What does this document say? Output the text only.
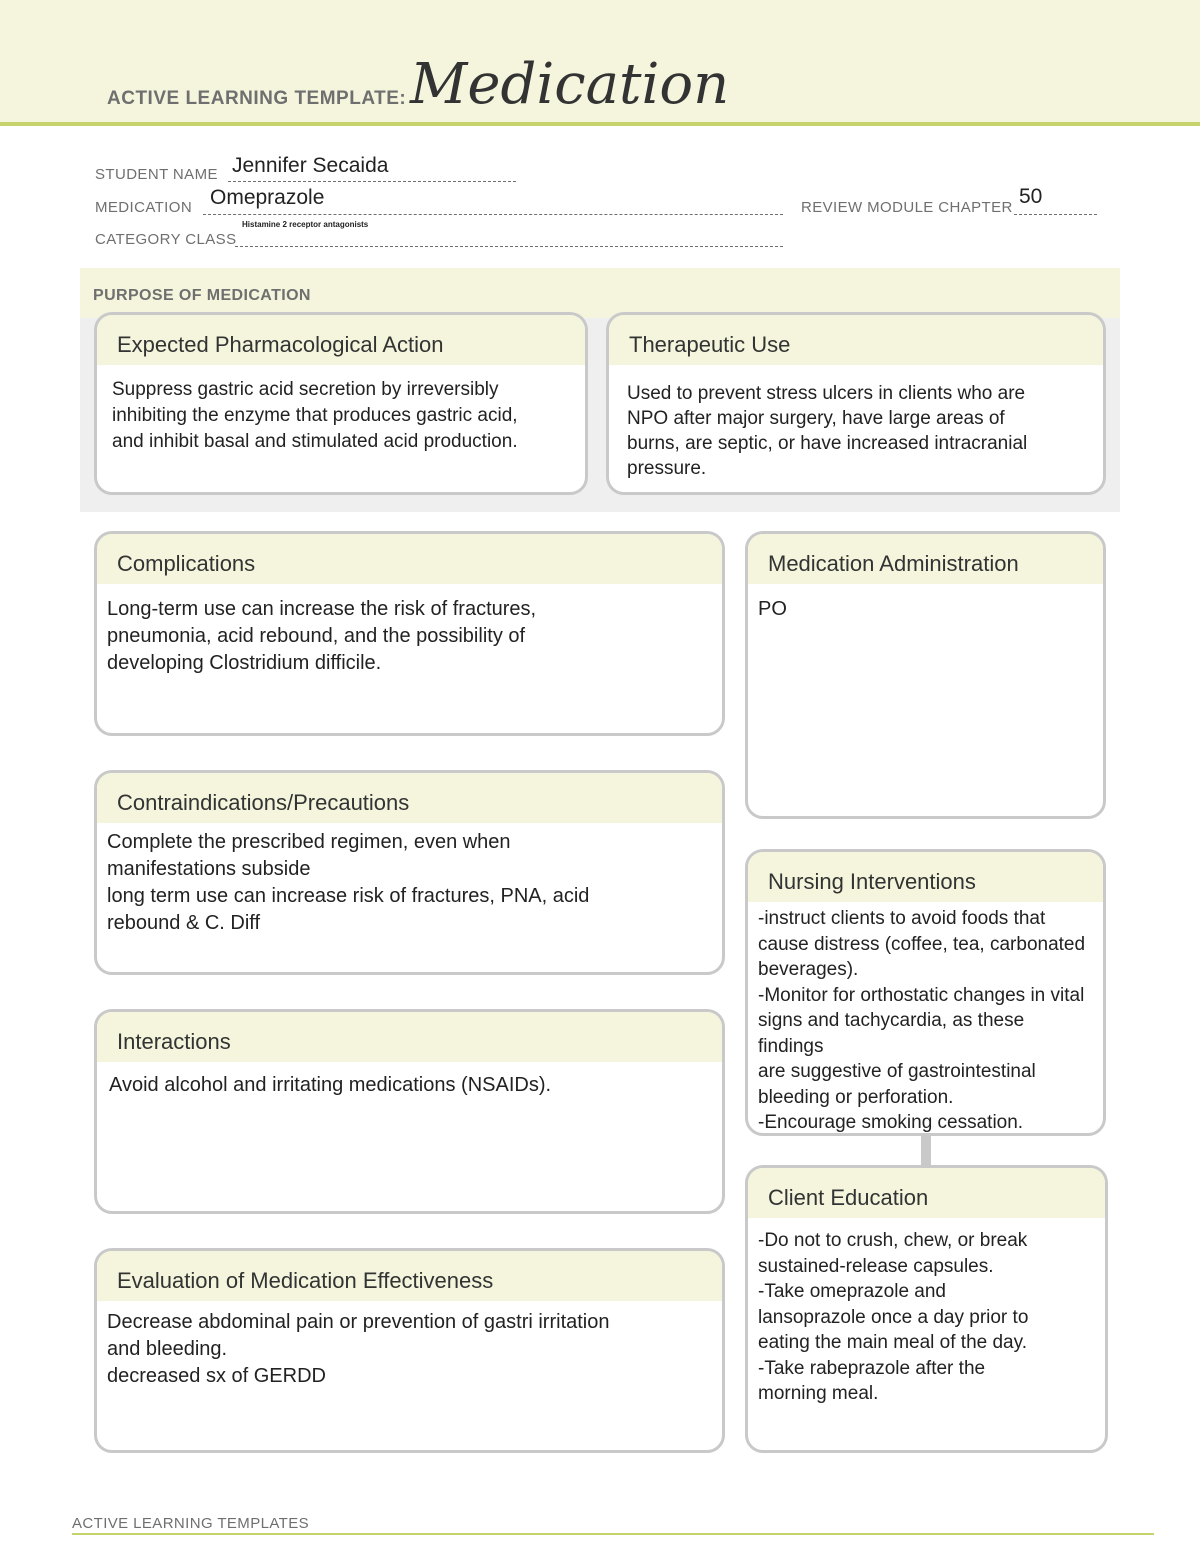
ACTIVE LEARNING TEMPLATE: Medication
STUDENT NAME Jennifer Secaida
MEDICATION Omeprazole	REVIEW MODULE CHAPTER 50
CATEGORY CLASS
Histamine 2 receptor antagonists
PURPOSE OF MEDICATION
Expected Pharmacological Action
Suppress gastric acid secretion by irreversibly
inhibiting the enzyme that produces gastric acid,
and inhibit basal and stimulated acid production.
Therapeutic Use
Used to prevent stress ulcers in clients who are
NPO after major surgery, have large areas of
burns, are septic, or have increased intracranial
pressure.
Complications
Long-term use can increase the risk of fractures,
pneumonia, acid rebound, and the possibility of
developing Clostridium difficile.
Medication Administration
PO
Contraindications/Precautions
Complete the prescribed regimen, even when
manifestations subside
long term use can increase risk of fractures, PNA, acid
rebound & C. Diff
Nursing Interventions
-instruct clients to avoid foods that
cause distress (coffee, tea, carbonated
beverages).
-Monitor for orthostatic changes in vital
signs and tachycardia, as these findings
are suggestive of gastrointestinal
bleeding or perforation.
-Encourage smoking cessation.
Interactions
Avoid alcohol and irritating medications (NSAIDs).
Client Education
-Do not to crush, chew, or break
sustained-release capsules.
-Take omeprazole and
lansoprazole once a day prior to
eating the main meal of the day.
-Take rabeprazole after the
morning meal.
Evaluation of Medication Effectiveness
Decrease abdominal pain or prevention of gastri irritation
and bleeding.
decreased sx of GERDD
ACTIVE LEARNING TEMPLATES
